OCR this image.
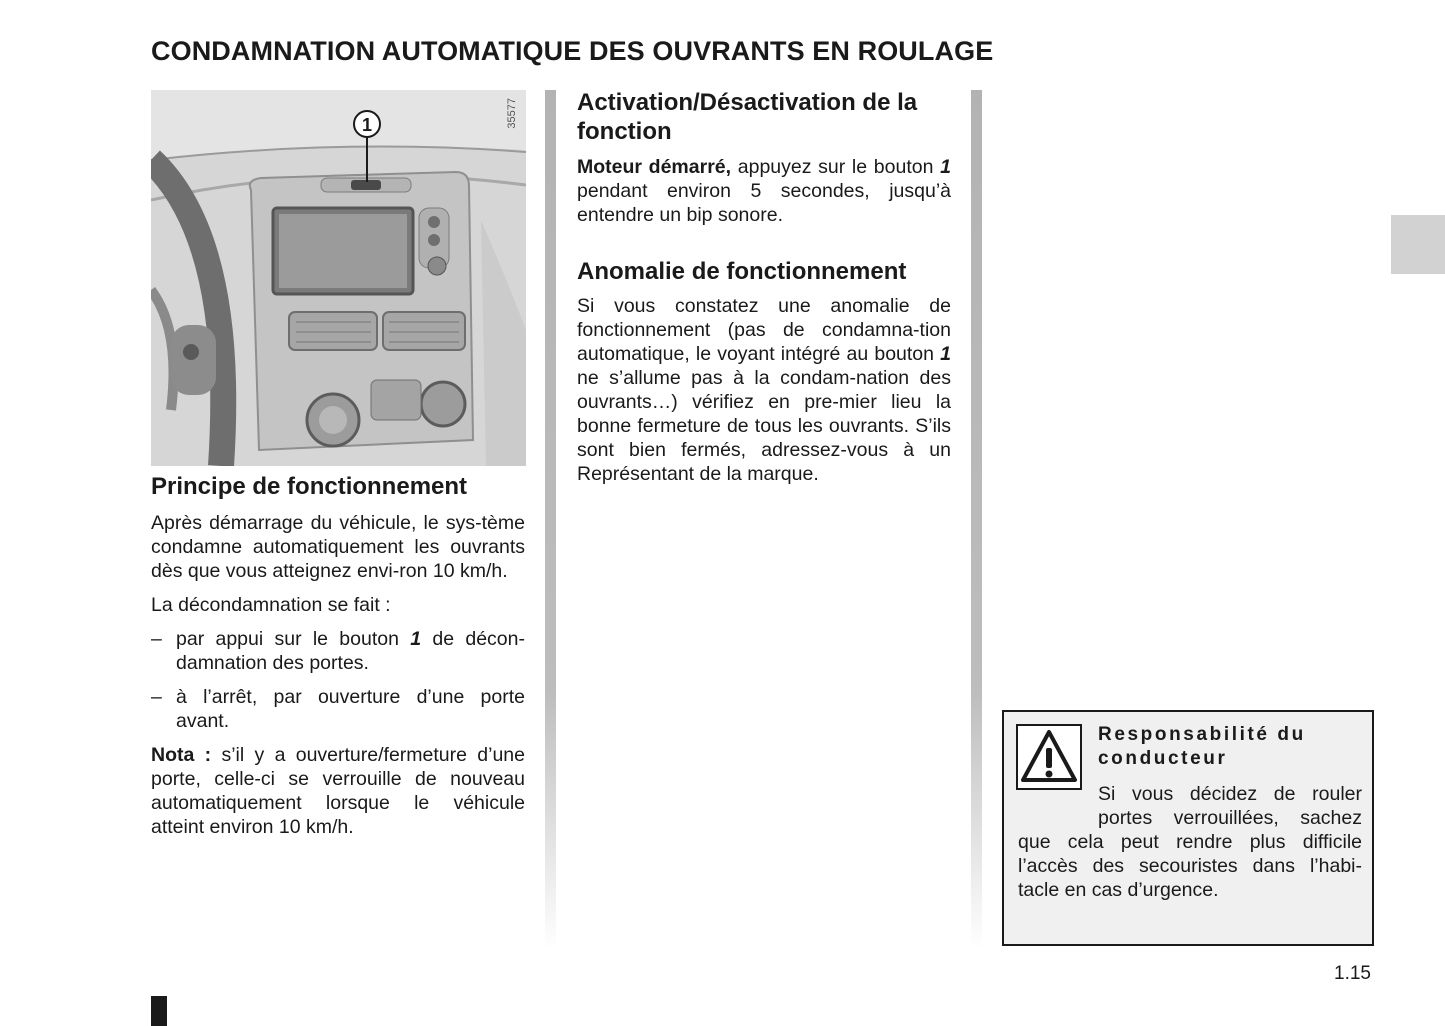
CONDAMNATION AUTOMATIQUE DES OUVRANTS EN ROULAGE
1	35577
Principe de fonctionnement

Après démarrage du véhicule, le sys-tème condamne automatiquement les ouvrants dès que vous atteignez envi-ron 10 km/h.

La décondamnation se fait :

– par appui sur le bouton 1 de décon-damnation des portes.
– à l’arrêt, par ouverture d’une porte avant.

Nota : s’il y a ouverture/fermeture d’une porte, celle-ci se verrouille de nouveau automatiquement lorsque le véhicule atteint environ 10 km/h.

Activation/Désactivation de la fonction

Moteur démarré, appuyez sur le bouton 1 pendant environ 5 secondes, jusqu’à entendre un bip sonore.

Anomalie de fonctionnement

Si vous constatez une anomalie de fonctionnement (pas de condamna-tion automatique, le voyant intégré au bouton 1 ne s’allume pas à la condam-nation des ouvrants…) vérifiez en pre-mier lieu la bonne fermeture de tous les ouvrants. S’ils sont bien fermés, adressez-vous à un Représentant de la marque.

Responsabilité du conducteur
Si vous décidez de rouler portes verrouillées, sachez que cela peut rendre plus difficile l’accès des secouristes dans l’habi-tacle en cas d’urgence.
1.15
